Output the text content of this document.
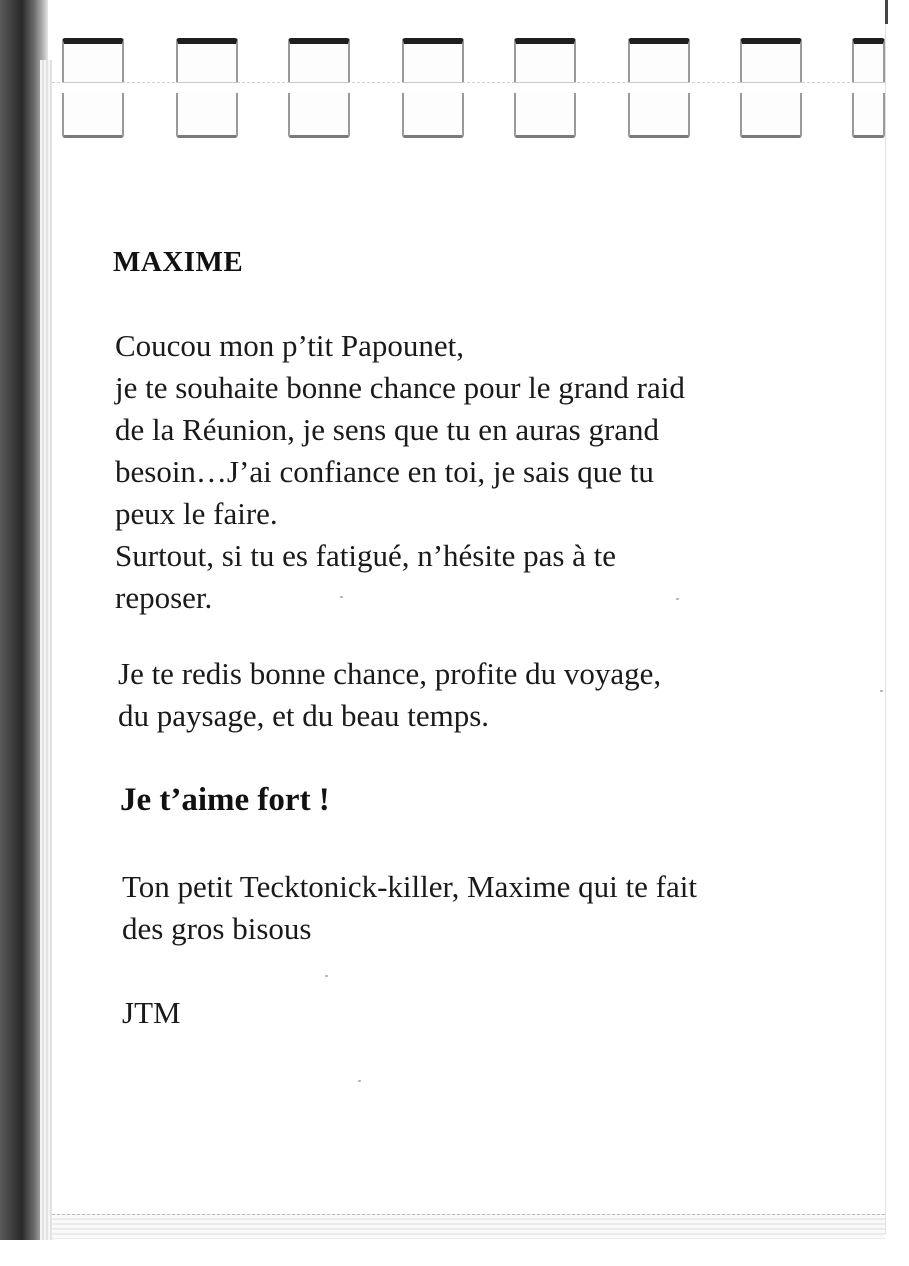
MAXIME

Coucou mon p’tit Papounet,
je te souhaite bonne chance pour le grand raid
de la Réunion, je sens que tu en auras grand
besoin…J’ai confiance en toi, je sais que tu
peux le faire.
Surtout, si tu es fatigué, n’hésite pas à te
reposer.

Je te redis bonne chance, profite du voyage,
du paysage, et du beau temps.

Je t’aime fort !

Ton petit Tecktonick-killer, Maxime qui te fait
des gros bisous

JTM
